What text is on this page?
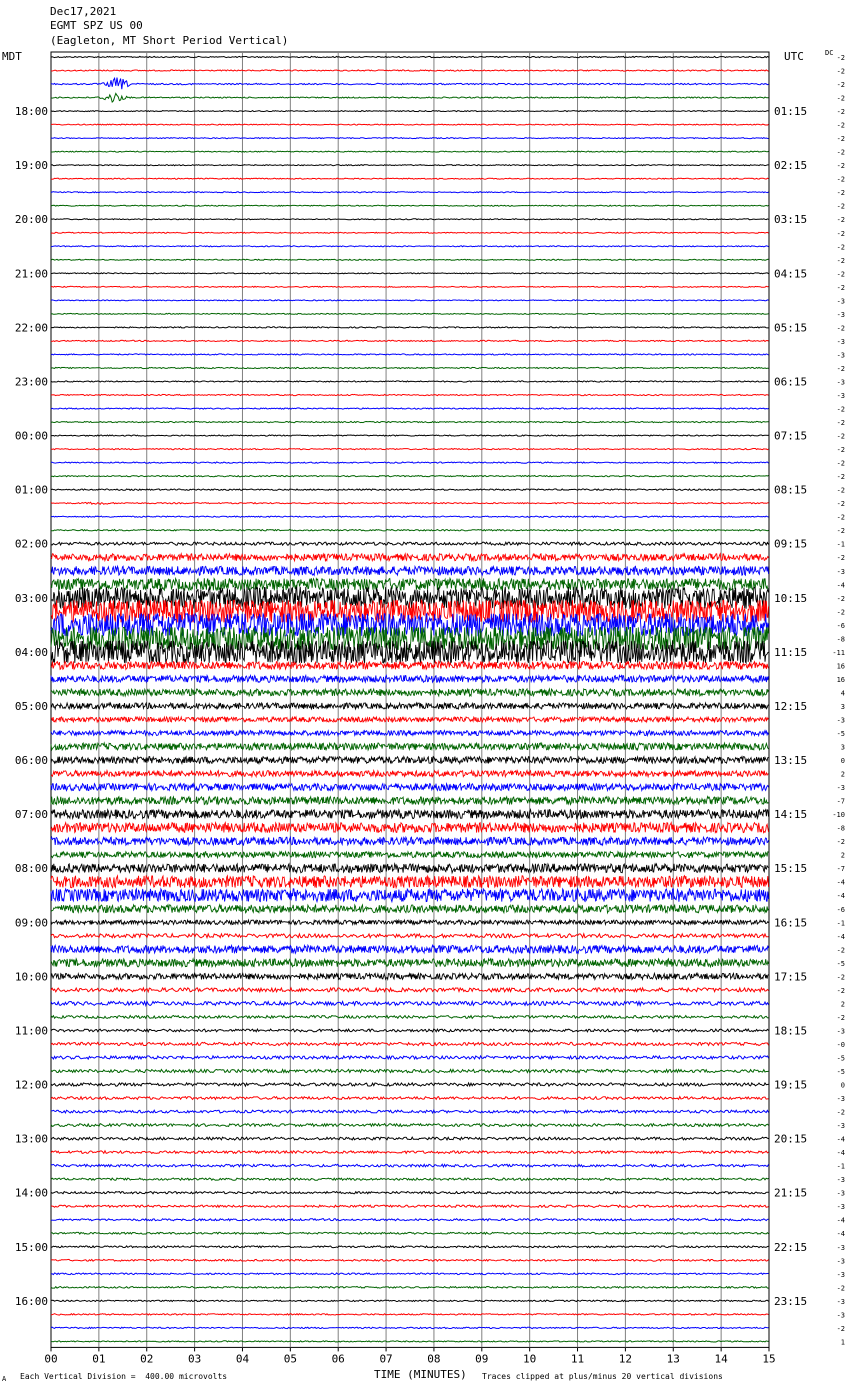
Dec17,2021
EGMT SPZ US 00
(Eagleton, MT Short Period Vertical)
MDT	UTC	DC
18:00
19:00
20:00
21:00
22:00
23:00
00:00
01:00
02:00
03:00
04:00
05:00
06:00
07:00
08:00
09:00
10:00
11:00
12:00
13:00
14:00
15:00
16:00
01:15
02:15
03:15
04:15
05:15
06:15
07:15
08:15
09:15
10:15
11:15
12:15
13:15
14:15
15:15
16:15
17:15
18:15
19:15
20:15
21:15
22:15
23:15
-2
-2
-2
-2
-2
-2
-2
-2
-2
-2
-2
-2
-2
-2
-2
-2
-2
-2
-3
-3
-2
-3
-3
-2
-3
-3
-2
-2
-2
-2
-2
-2
-2
-2
-2
-2
-1
-2
-3
-4
-2
-2
-6
-8
-11
16
16
4
3
-3
-5
3
0
2
-3
-7
-10
-8
-2
2
-7
-4
-4
-6
-1
-4
-2
-5
-2
-2
2
-2
-3
-0
-5
-5
0
-3
-2
-3
-4
-4
-1
-3
-3
-3
-4
-4
-3
-3
-3
-2
-3
-3
-2
1
00	01	02	03	04	05	06	07	08	09	10	11	12	13	14	15
A Each Vertical Division =  400.00 microvolts	TIME (MINUTES) Traces clipped at plus/minus 20 vertical divisions
